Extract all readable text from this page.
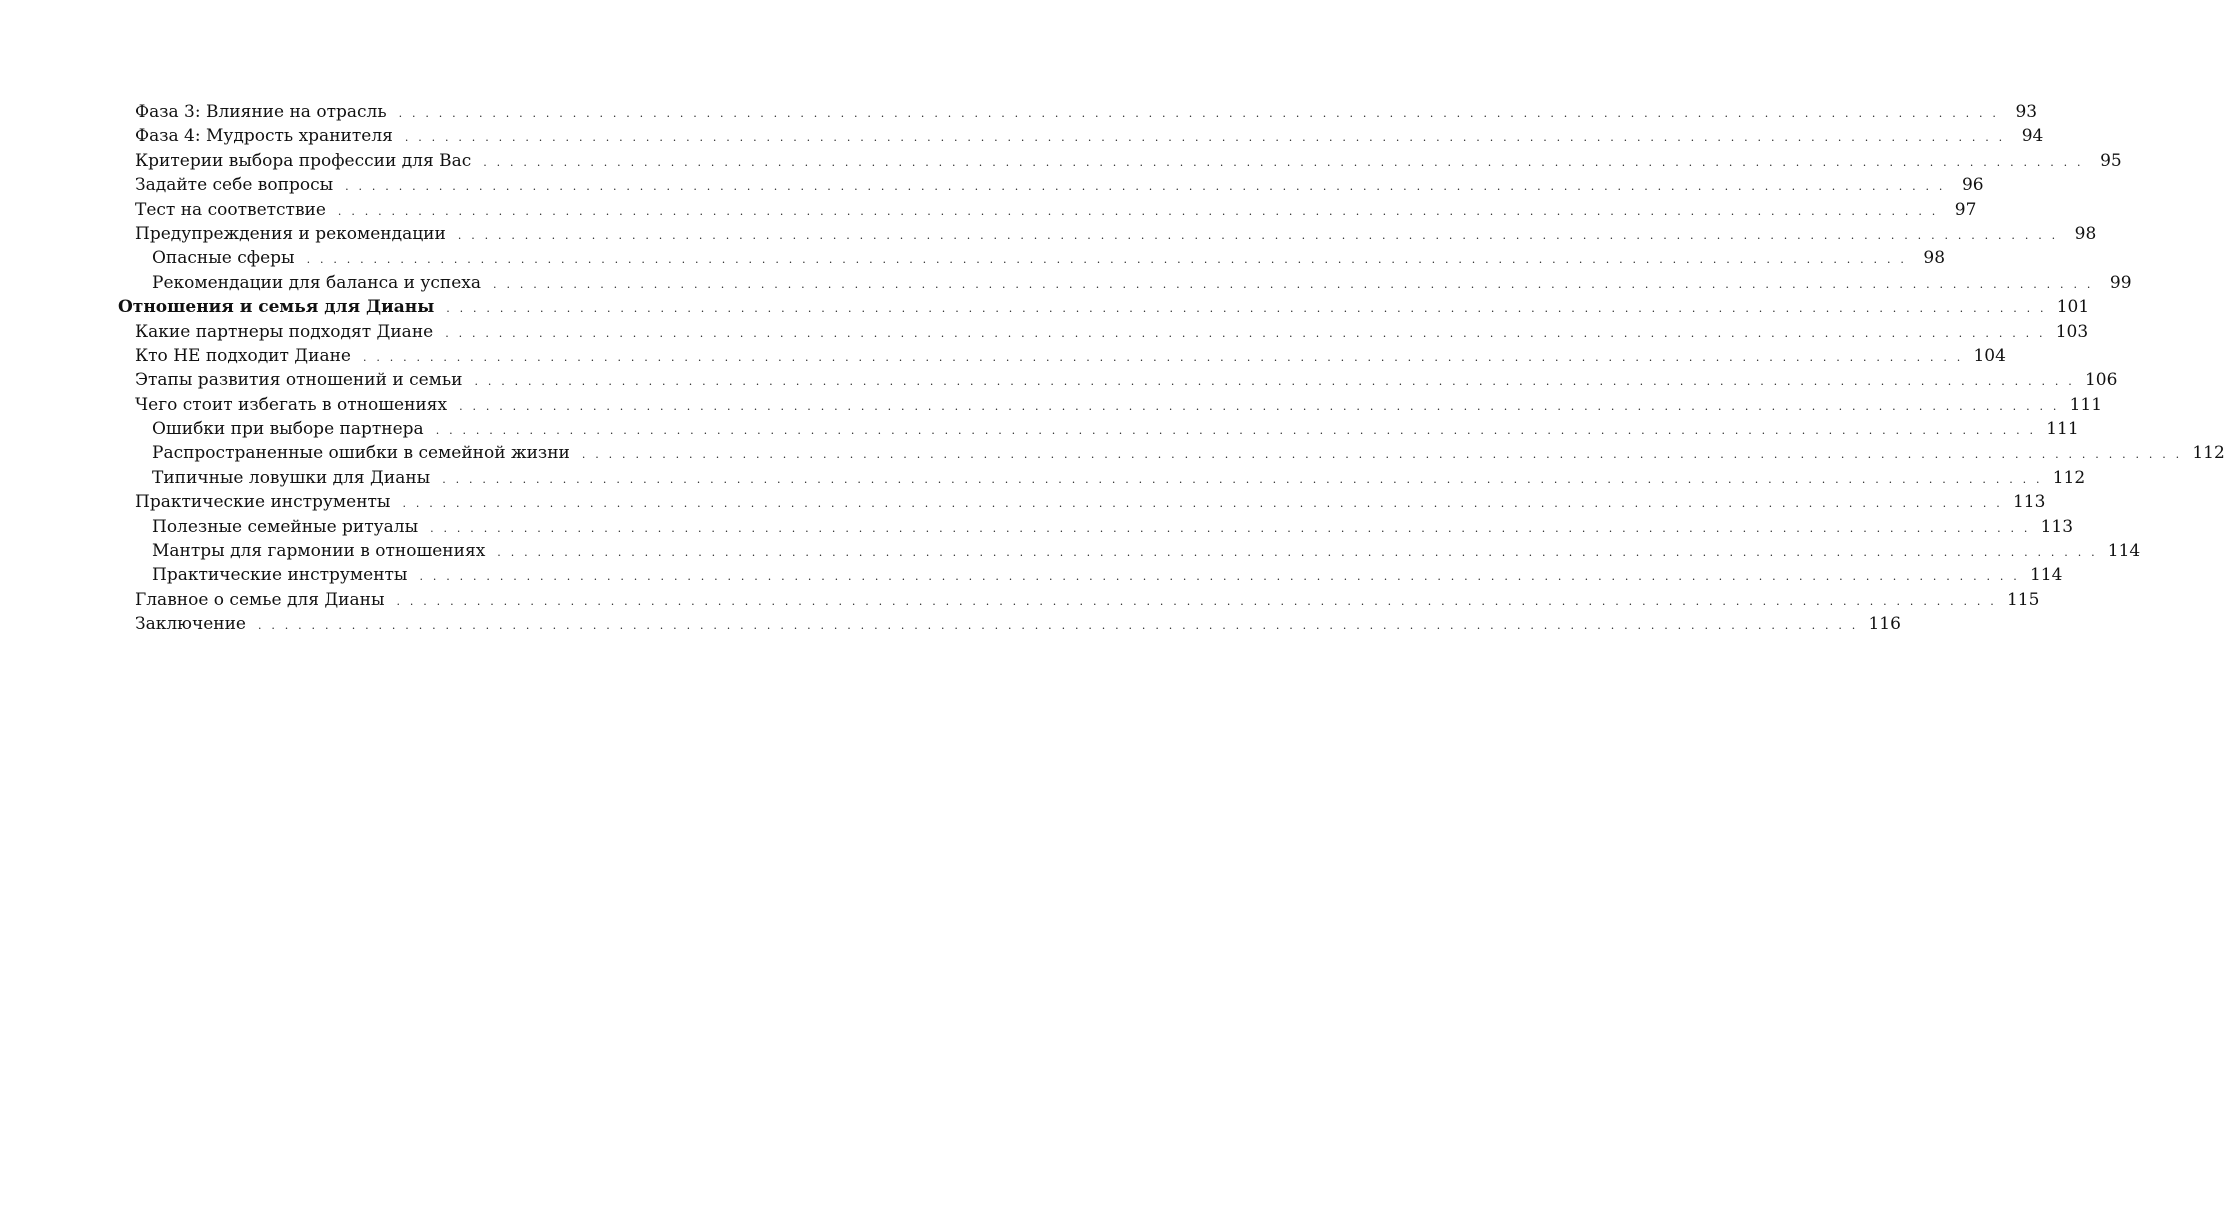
Фаза 3: Влияние на отрасль . . . . . . . . . . . . . . . . . . . . . . . . . . . . . . . . . . . . . . . . . . . . . . . . . . . . . . . . . . . . . . . . . . . . . . . . . . . . . . . . . . . . . . . . . . . . . . . . . . . . . . . . . . . . . . . . . . . . . . . . 93
Фаза 4: Мудрость хранителя . . . . . . . . . . . . . . . . . . . . . . . . . . . . . . . . . . . . . . . . . . . . . . . . . . . . . . . . . . . . . . . . . . . . . . . . . . . . . . . . . . . . . . . . . . . . . . . . . . . . . . . . . . . . . . . . . . . . . . . . 94
Критерии выбора профессии для Вас . . . . . . . . . . . . . . . . . . . . . . . . . . . . . . . . . . . . . . . . . . . . . . . . . . . . . . . . . . . . . . . . . . . . . . . . . . . . . . . . . . . . . . . . . . . . . . . . . . . . . . . . . . . . . . . . . . . . . . . . 95
Задайте себе вопросы . . . . . . . . . . . . . . . . . . . . . . . . . . . . . . . . . . . . . . . . . . . . . . . . . . . . . . . . . . . . . . . . . . . . . . . . . . . . . . . . . . . . . . . . . . . . . . . . . . . . . . . . . . . . . . . . . . . . . . . . 96
Тест на соответствие . . . . . . . . . . . . . . . . . . . . . . . . . . . . . . . . . . . . . . . . . . . . . . . . . . . . . . . . . . . . . . . . . . . . . . . . . . . . . . . . . . . . . . . . . . . . . . . . . . . . . . . . . . . . . . . . . . . . . . . . 97
Предупреждения и рекомендации . . . . . . . . . . . . . . . . . . . . . . . . . . . . . . . . . . . . . . . . . . . . . . . . . . . . . . . . . . . . . . . . . . . . . . . . . . . . . . . . . . . . . . . . . . . . . . . . . . . . . . . . . . . . . . . . . . . . . . . . 98
Опасные сферы . . . . . . . . . . . . . . . . . . . . . . . . . . . . . . . . . . . . . . . . . . . . . . . . . . . . . . . . . . . . . . . . . . . . . . . . . . . . . . . . . . . . . . . . . . . . . . . . . . . . . . . . . . . . . . . . . . . . . . . . 98
Рекомендации для баланса и успеха . . . . . . . . . . . . . . . . . . . . . . . . . . . . . . . . . . . . . . . . . . . . . . . . . . . . . . . . . . . . . . . . . . . . . . . . . . . . . . . . . . . . . . . . . . . . . . . . . . . . . . . . . . . . . . . . . . . . . . . . 99
Отношения и семья для Дианы . . . . . . . . . . . . . . . . . . . . . . . . . . . . . . . . . . . . . . . . . . . . . . . . . . . . . . . . . . . . . . . . . . . . . . . . . . . . . . . . . . . . . . . . . . . . . . . . . . . . . . . . . . . . . . . . . . . . . . . . 101
Какие партнеры подходят Диане . . . . . . . . . . . . . . . . . . . . . . . . . . . . . . . . . . . . . . . . . . . . . . . . . . . . . . . . . . . . . . . . . . . . . . . . . . . . . . . . . . . . . . . . . . . . . . . . . . . . . . . . . . . . . . . . . . . . . . . . 103
Кто НЕ подходит Диане . . . . . . . . . . . . . . . . . . . . . . . . . . . . . . . . . . . . . . . . . . . . . . . . . . . . . . . . . . . . . . . . . . . . . . . . . . . . . . . . . . . . . . . . . . . . . . . . . . . . . . . . . . . . . . . . . . . . . . . . 104
Этапы развития отношений и семьи . . . . . . . . . . . . . . . . . . . . . . . . . . . . . . . . . . . . . . . . . . . . . . . . . . . . . . . . . . . . . . . . . . . . . . . . . . . . . . . . . . . . . . . . . . . . . . . . . . . . . . . . . . . . . . . . . . . . . . . . 106
Чего стоит избегать в отношениях . . . . . . . . . . . . . . . . . . . . . . . . . . . . . . . . . . . . . . . . . . . . . . . . . . . . . . . . . . . . . . . . . . . . . . . . . . . . . . . . . . . . . . . . . . . . . . . . . . . . . . . . . . . . . . . . . . . . . . . . 111
Ошибки при выборе партнера . . . . . . . . . . . . . . . . . . . . . . . . . . . . . . . . . . . . . . . . . . . . . . . . . . . . . . . . . . . . . . . . . . . . . . . . . . . . . . . . . . . . . . . . . . . . . . . . . . . . . . . . . . . . . . . . . . . . . . . . 111
Распространенные ошибки в семейной жизни . . . . . . . . . . . . . . . . . . . . . . . . . . . . . . . . . . . . . . . . . . . . . . . . . . . . . . . . . . . . . . . . . . . . . . . . . . . . . . . . . . . . . . . . . . . . . . . . . . . . . . . . . . . . . . . . . . . . . . . . 112
Типичные ловушки для Дианы . . . . . . . . . . . . . . . . . . . . . . . . . . . . . . . . . . . . . . . . . . . . . . . . . . . . . . . . . . . . . . . . . . . . . . . . . . . . . . . . . . . . . . . . . . . . . . . . . . . . . . . . . . . . . . . . . . . . . . . . 112
Практические инструменты . . . . . . . . . . . . . . . . . . . . . . . . . . . . . . . . . . . . . . . . . . . . . . . . . . . . . . . . . . . . . . . . . . . . . . . . . . . . . . . . . . . . . . . . . . . . . . . . . . . . . . . . . . . . . . . . . . . . . . . . 113
Полезные семейные ритуалы . . . . . . . . . . . . . . . . . . . . . . . . . . . . . . . . . . . . . . . . . . . . . . . . . . . . . . . . . . . . . . . . . . . . . . . . . . . . . . . . . . . . . . . . . . . . . . . . . . . . . . . . . . . . . . . . . . . . . . . . 113
Мантры для гармонии в отношениях . . . . . . . . . . . . . . . . . . . . . . . . . . . . . . . . . . . . . . . . . . . . . . . . . . . . . . . . . . . . . . . . . . . . . . . . . . . . . . . . . . . . . . . . . . . . . . . . . . . . . . . . . . . . . . . . . . . . . . . . 114
Практические инструменты . . . . . . . . . . . . . . . . . . . . . . . . . . . . . . . . . . . . . . . . . . . . . . . . . . . . . . . . . . . . . . . . . . . . . . . . . . . . . . . . . . . . . . . . . . . . . . . . . . . . . . . . . . . . . . . . . . . . . . . . 114
Главное о семье для Дианы . . . . . . . . . . . . . . . . . . . . . . . . . . . . . . . . . . . . . . . . . . . . . . . . . . . . . . . . . . . . . . . . . . . . . . . . . . . . . . . . . . . . . . . . . . . . . . . . . . . . . . . . . . . . . . . . . . . . . . . . 115
Заключение . . . . . . . . . . . . . . . . . . . . . . . . . . . . . . . . . . . . . . . . . . . . . . . . . . . . . . . . . . . . . . . . . . . . . . . . . . . . . . . . . . . . . . . . . . . . . . . . . . . . . . . . . . . . . . . . . . . . . . . . 116
